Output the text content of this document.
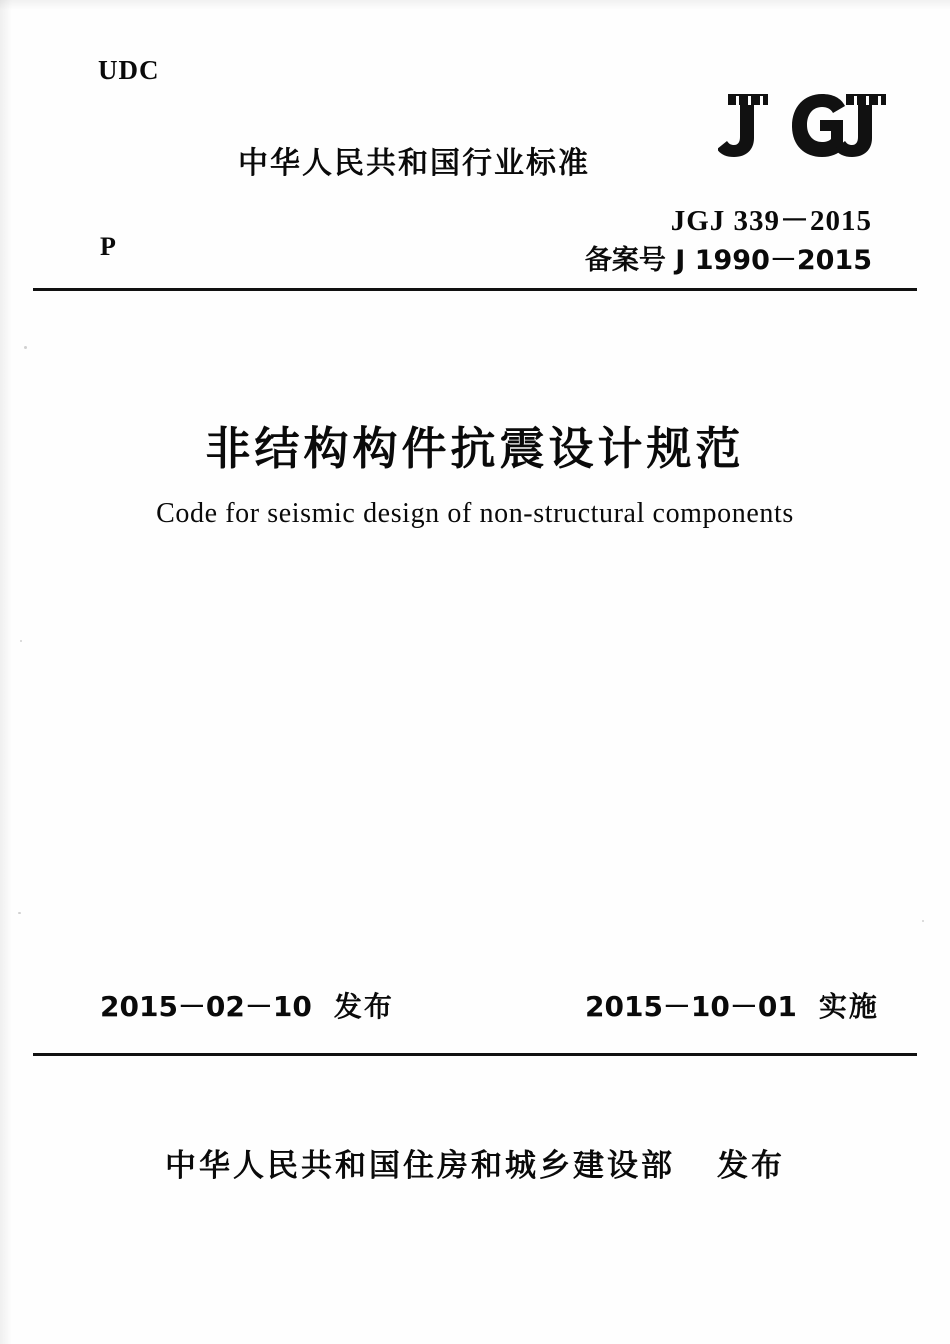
UDC
中华人民共和国行业标准
JGJ 339－2015
备案号 J 1990－2015
P
非结构构件抗震设计规范
Code for seismic design of non-structural components
2015－02－10 发布	2015－10－01 实施
中华人民共和国住房和城乡建设部 发布
